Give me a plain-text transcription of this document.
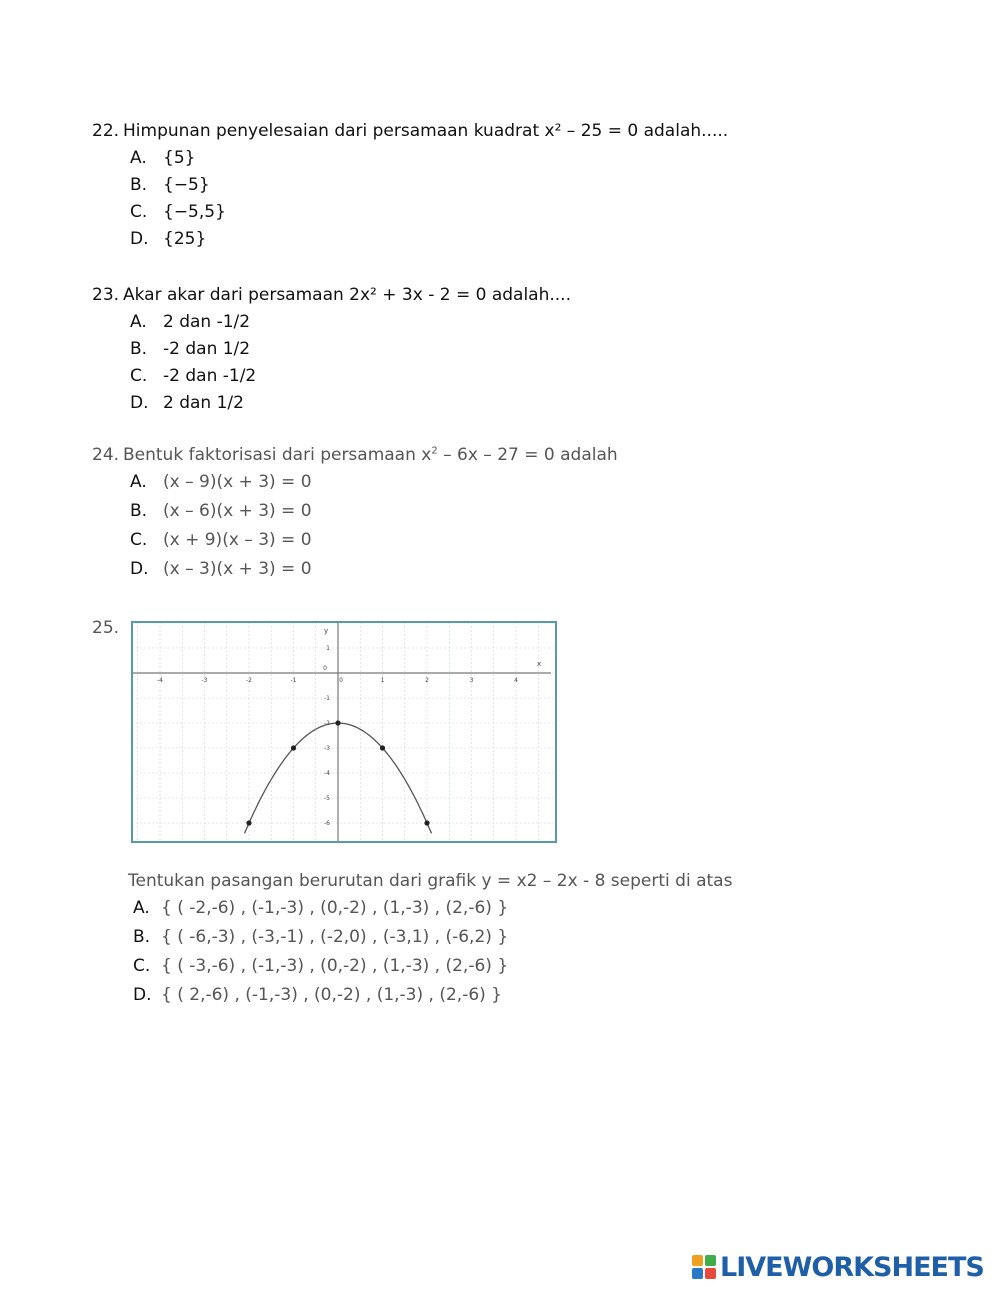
22. Himpunan penyelesaian dari persamaan kuadrat x² – 25 = 0 adalah.....
A. {5}
B. {−5}
C. {−5,5}
D. {25}
23. Akar akar dari persamaan 2x² + 3x - 2 = 0 adalah....
A. 2 dan -1/2
B. -2 dan 1/2
C. -2 dan -1/2
D. 2 dan 1/2
24. Bentuk faktorisasi dari persamaan $x^2 - 6x - 27 = 0$ adalah
A. (x – 9)(x + 3) = 0
B. (x – 6)(x + 3) = 0
C. (x + 9)(x – 3) = 0
D. (x – 3)(x + 3) = 0
25.
x
y
-4	-3	-2	-1	0	1	2	3	4
1
-1
-2
-3
-4
-5
-6
0
Tentukan pasangan berurutan dari grafik y = x2 – 2x - 8 seperti di atas
A. { ( -2,-6) , (-1,-3) , (0,-2) , (1,-3) , (2,-6) }
B. { ( -6,-3) , (-3,-1) , (-2,0) , (-3,1) , (-6,2) }
C. { ( -3,-6) , (-1,-3) , (0,-2) , (1,-3) , (2,-6) }
D. { ( 2,-6) , (-1,-3) , (0,-2) , (1,-3) , (2,-6) }
LIVEWORKSHEETS
